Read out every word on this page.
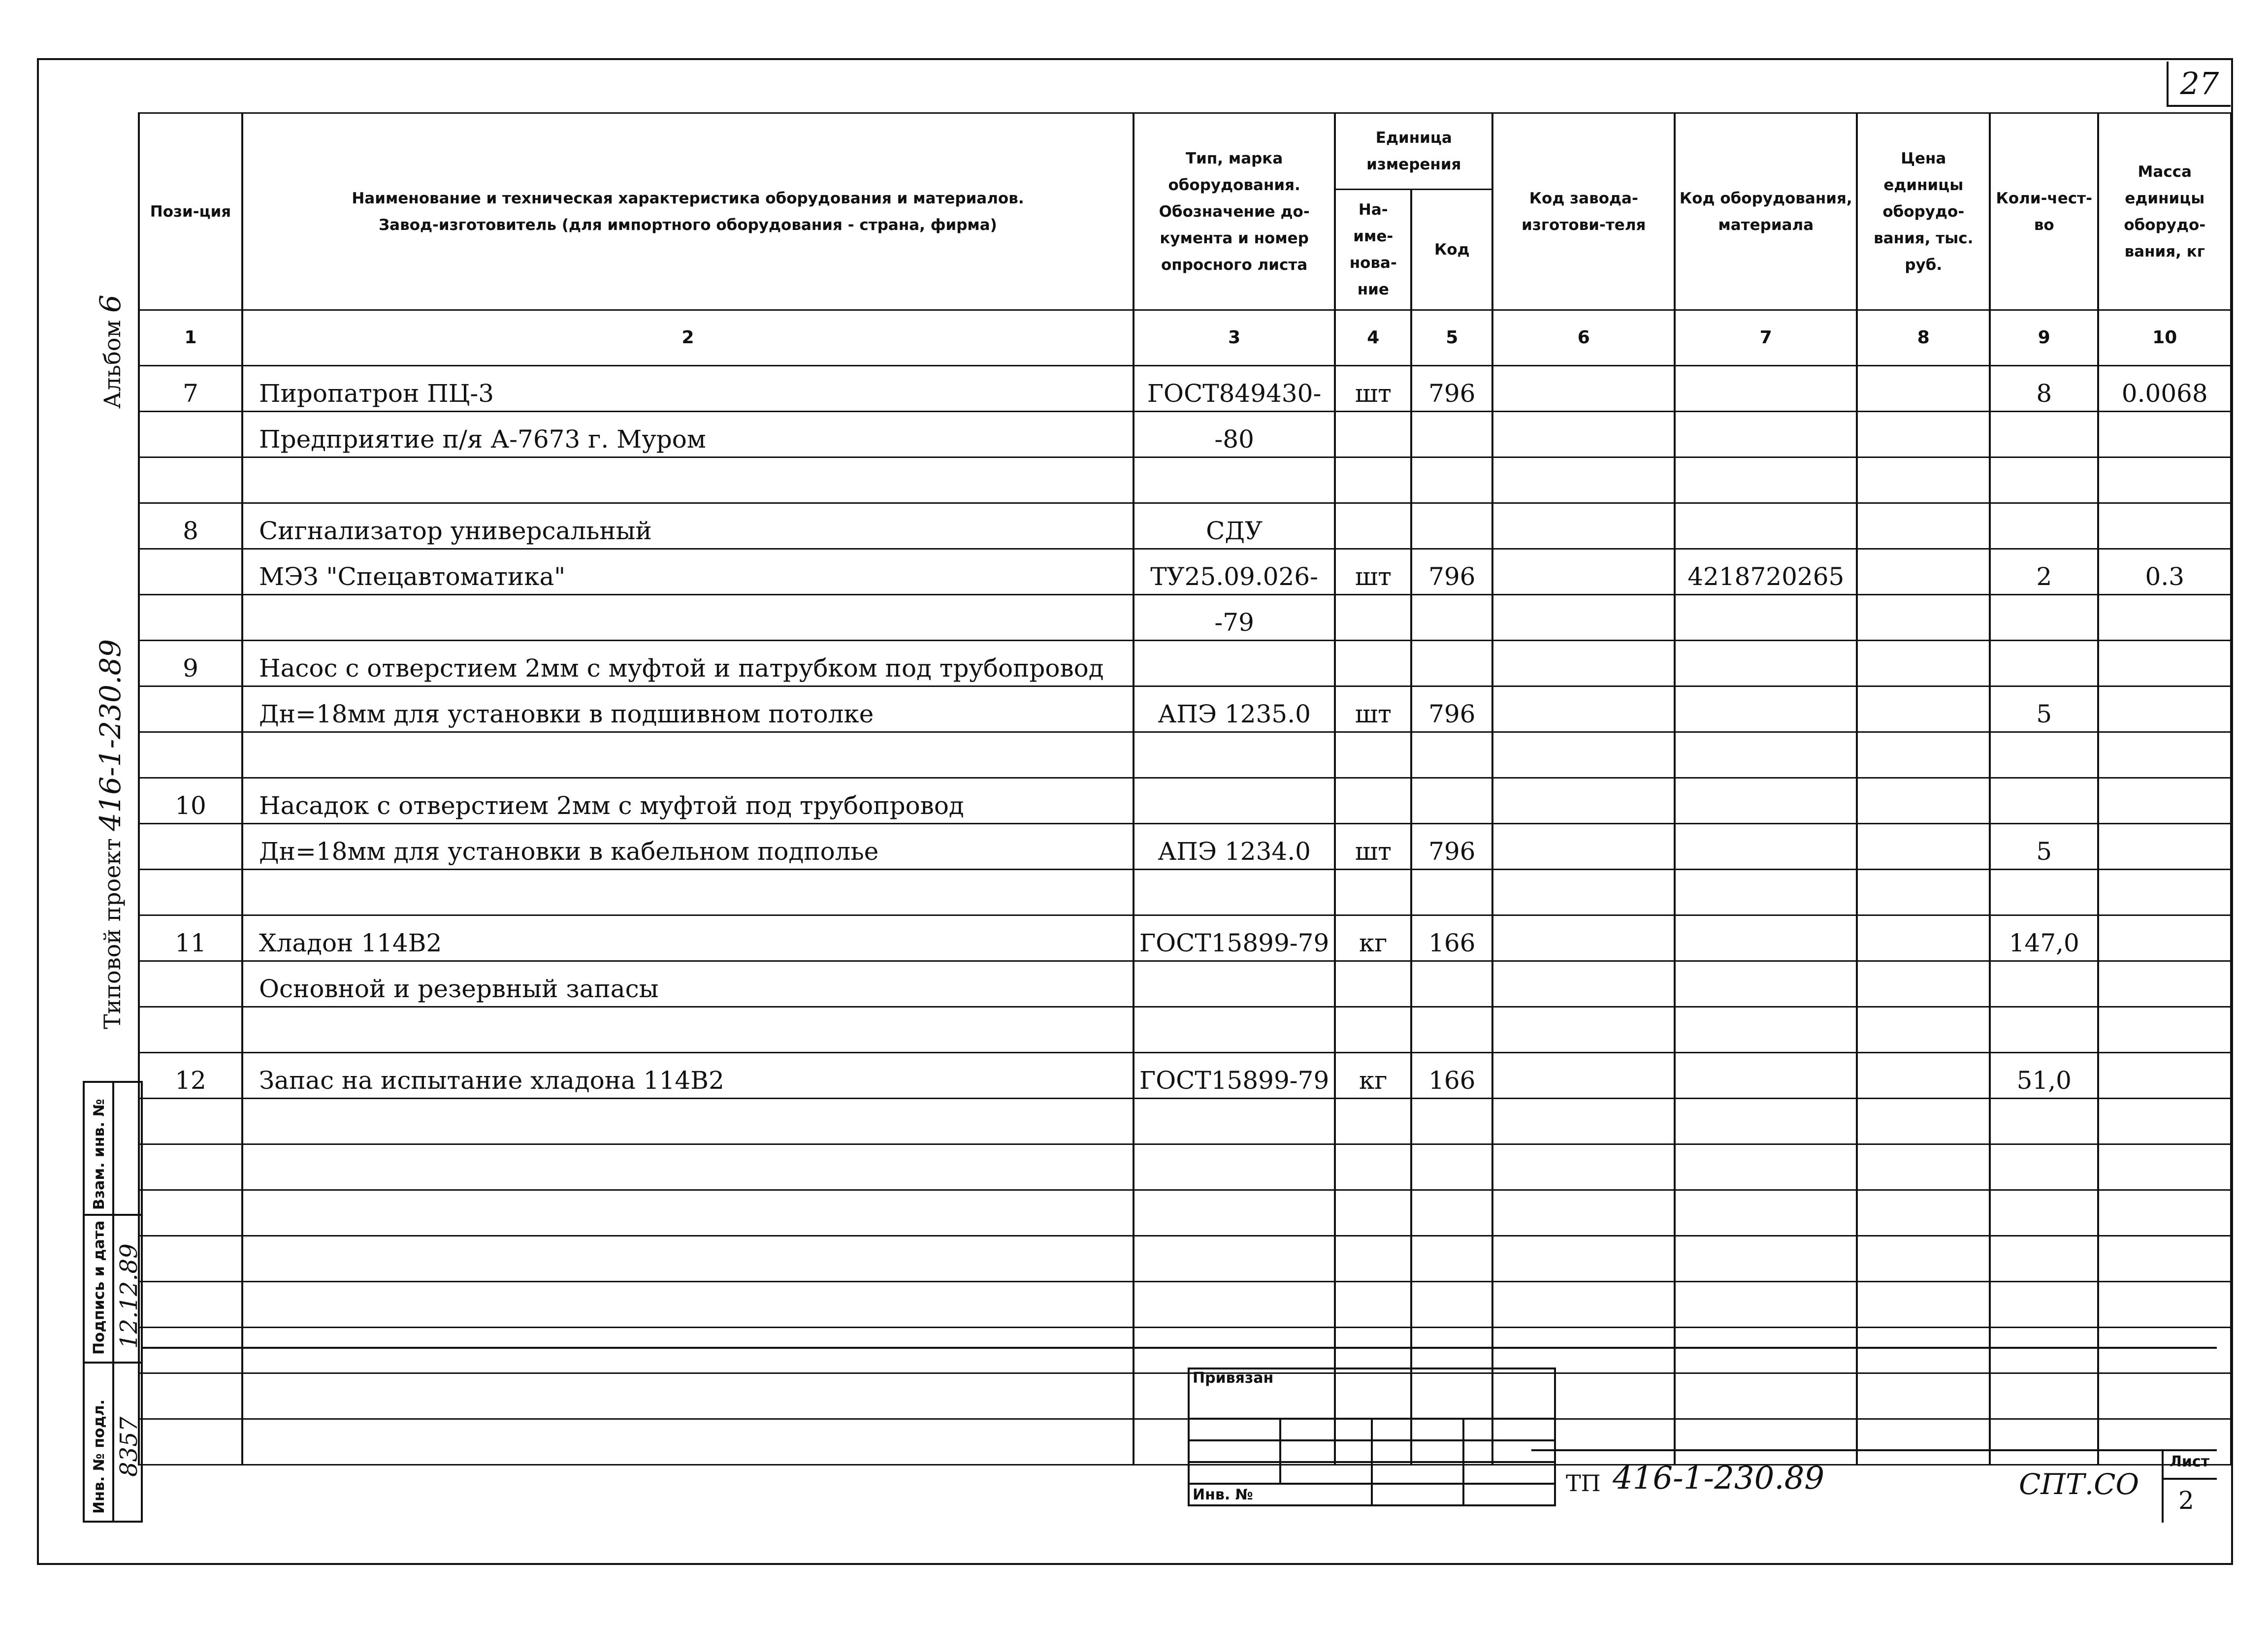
27
Альбом 6
Типовой проект 416-1-230.89
Пози-ция	Наименование и техническая характеристика оборудования и материалов.
Завод-изготовитель (для импортного оборудования - страна, фирма)	Тип, марка оборудования. Обозначение до-кумента и номер опросного листа	Единица измерения		Код завода-изготови-теля	Код оборудования, материала	Цена единицы оборудо-вания, тыс. руб.	Коли-чест-во	Масса единицы оборудо-вания, кг
			На-име-нова-ние	Код					
1	2	3	4	5	6	7	8	9	10
7	Пиропатрон ПЦ-3	ГОСТ849430-	шт	796				8	0.0068
	Предприятие п/я А-7673 г. Муром	-80							

8	Сигнализатор универсальный	СДУ							
	МЭЗ "Спецавтоматика"	ТУ25.09.026-	шт	796		4218720265		2	0.3
		-79							
9	Насос с отверстием 2мм с муфтой и патрубком под трубопровод								
	Дн=18мм для установки в подшивном потолке	АПЭ 1235.0	шт	796				5	

10	Насадок с отверстием 2мм с муфтой под трубопровод								
	Дн=18мм для установки в кабельном подполье	АПЭ 1234.0	шт	796				5	

11	Хладон 114В2	ГОСТ15899-79	кг	166				147,0	
	Основной и резервный запасы								

12	Запас на испытание хладона 114В2	ГОСТ15899-79	кг	166				51,0	

Взам. инв. №
Подпись и дата 12.12.89
Инв. № подл. 8357
Привязан			

Инв. №				ТП 416-1-230.89	СПТ.СО
Лист
2
